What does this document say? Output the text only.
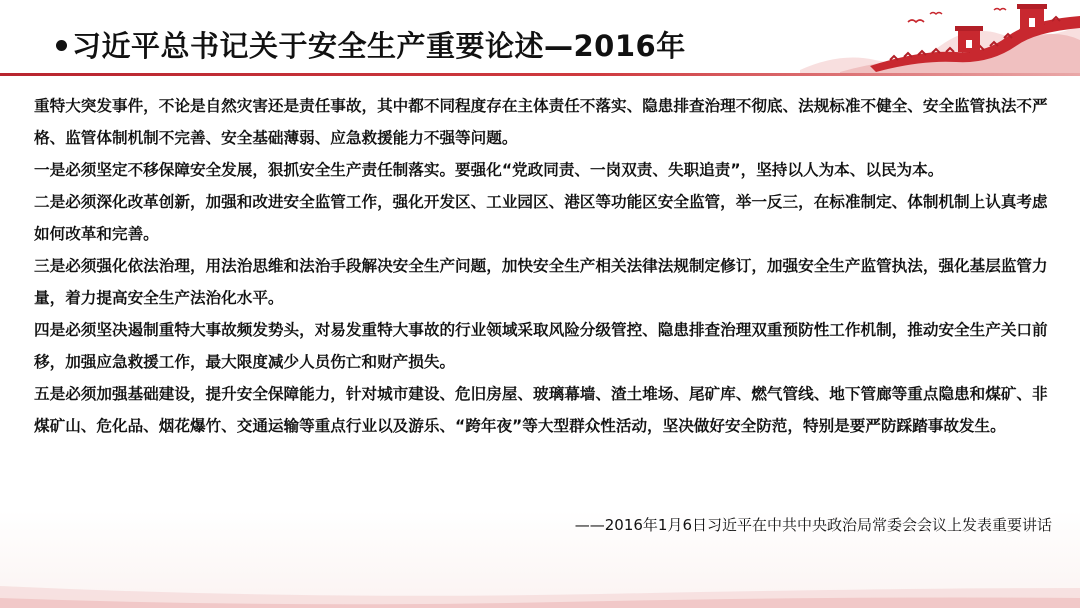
习近平总书记关于安全生产重要论述—2016年

重特大突发事件，不论是自然灾害还是责任事故，其中都不同程度存在主体责任不落实、隐患排查治理不彻底、法规标准不健全、安全监管执法不严格、监管体制机制不完善、安全基础薄弱、应急救援能力不强等问题。

一是必须坚定不移保障安全发展，狠抓安全生产责任制落实。要强化“党政同责、一岗双责、失职追责”，坚持以人为本、以民为本。

二是必须深化改革创新，加强和改进安全监管工作，强化开发区、工业园区、港区等功能区安全监管，举一反三，在标准制定、体制机制上认真考虑如何改革和完善。

三是必须强化依法治理，用法治思维和法治手段解决安全生产问题，加快安全生产相关法律法规制定修订，加强安全生产监管执法，强化基层监管力量，着力提高安全生产法治化水平。

四是必须坚决遏制重特大事故频发势头，对易发重特大事故的行业领域采取风险分级管控、隐患排查治理双重预防性工作机制，推动安全生产关口前移，加强应急救援工作，最大限度减少人员伤亡和财产损失。

五是必须加强基础建设，提升安全保障能力，针对城市建设、危旧房屋、玻璃幕墙、渣土堆场、尾矿库、燃气管线、地下管廊等重点隐患和煤矿、非煤矿山、危化品、烟花爆竹、交通运输等重点行业以及游乐、“跨年夜”等大型群众性活动，坚决做好安全防范，特别是要严防踩踏事故发生。

——2016年1月6日习近平在中共中央政治局常委会会议上发表重要讲话
